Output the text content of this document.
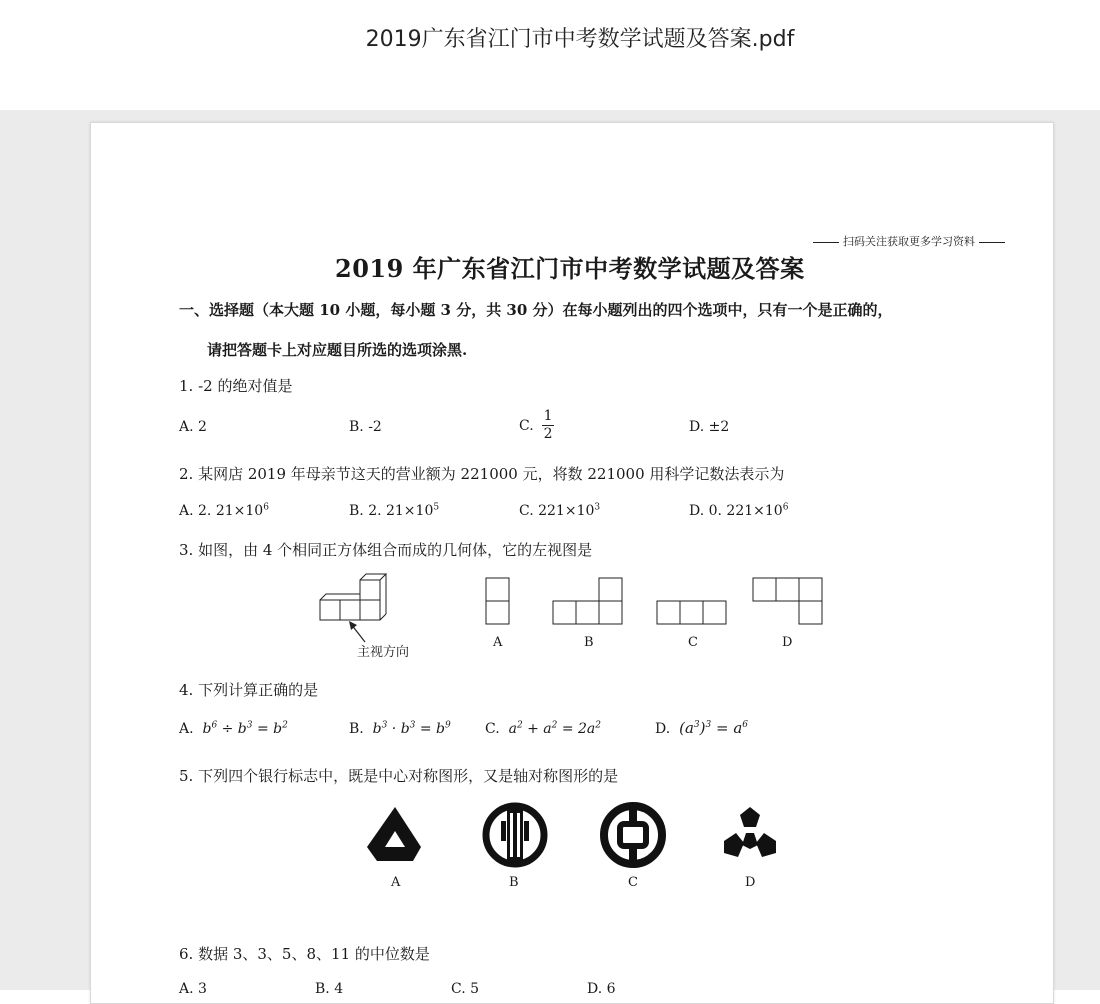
2019广东省江门市中考数学试题及答案.pdf
扫码关注获取更多学习资料
2019 年广东省江门市中考数学试题及答案
一、选择题（本大题 10 小题，每小题 3 分，共 30 分）在每小题列出的四个选项中，只有一个是正确的，
请把答题卡上对应题目所选的选项涂黑.
1. -2 的绝对值是
A. 2	B. -2	C. $\frac{1}{2}$	D. ±2
2. 某网店 2019 年母亲节这天的营业额为 221000 元，将数 221000 用科学记数法表示为
A. 2. $21\times 10^6$	B. 2. $21\times 10^5$	C. $221\times 10^3$	D. 0. $221\times 10^6$
3. 如图，由 4 个相同正方体组合而成的几何体，它的左视图是
主视方向
A	B	C	D
4. 下列计算正确的是
A. $b^6 \div b^3 = b^2$	B. $b^3 \cdot b^3 = b^9$ C. $a^2 + a^2 = 2a^2$	D. $(a^3)^3 = a^6$
5. 下列四个银行标志中，既是中心对称图形，又是轴对称图形的是
A	B	C	D
6. 数据 3、3、5、8、11 的中位数是
A. 3	B. 4	C. 5	D. 6
